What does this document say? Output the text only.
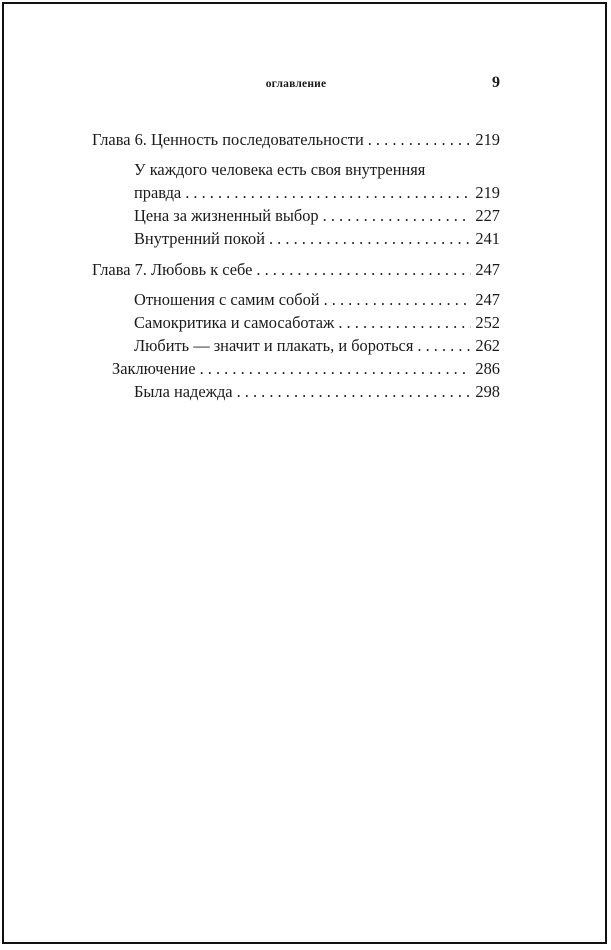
оглавление	9
Глава 6. Ценность последовательности . . .	219
У каждого человека есть своя внутренняя
правда . . .	219
Цена за жизненный выбор . . .	227
Внутренний покой . . .	241
Глава 7. Любовь к себе . . .	247
Отношения с самим собой . . .	247
Самокритика и самосаботаж . . .	252
Любить — значит и плакать, и бороться . . .	262
Заключение . . .	286
Была надежда . . .	298
